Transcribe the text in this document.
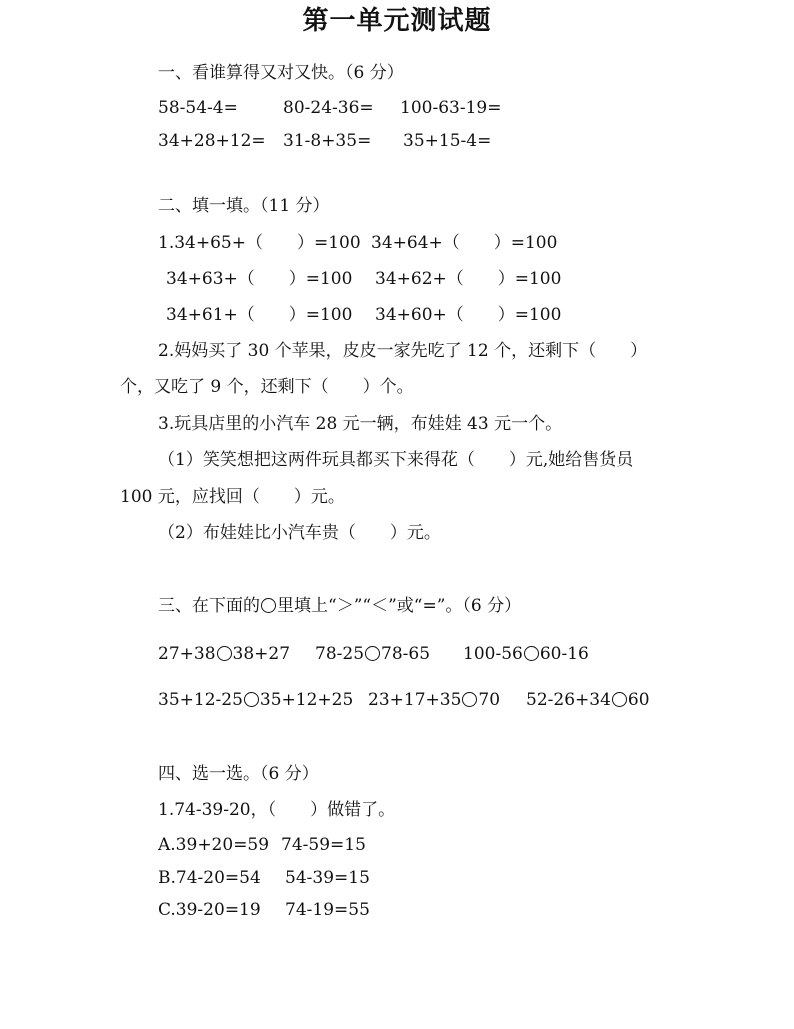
第一单元测试题
一、看谁算得又对又快。（6 分）
58-54-4=	80-24-36= 100-63-19=
34+28+12= 31-8+35= 35+15-4=
二、填一填。（11 分）
1.34+65+（　　）=100 34+64+（　　）=100
34+63+（　　）=100 34+62+（　　）=100
34+61+（　　）=100 34+60+（　　）=100
2.妈妈买了 30 个苹果，皮皮一家先吃了 12 个，还剩下（　　）
个，又吃了 9 个，还剩下（　　）个。
3.玩具店里的小汽车 28 元一辆，布娃娃 43 元一个。
（1）笑笑想把这两件玩具都买下来得花（　　）元,她给售货员
100 元，应找回（　　）元。
（2）布娃娃比小汽车贵（　　）元。
三、在下面的 里填上“＞”“＜”或“=”。（6 分）
27+38 38+27 78-25 78-65 100-56 60-16
35+12-25 35+12+25 23+17+35 70 52-26+34 60
四、选一选。（6 分）
1.74-39-20，（　　）做错了。
A.39+20=59 74-59=15
B.74-20=54 54-39=15
C.39-20=19 74-19=55
